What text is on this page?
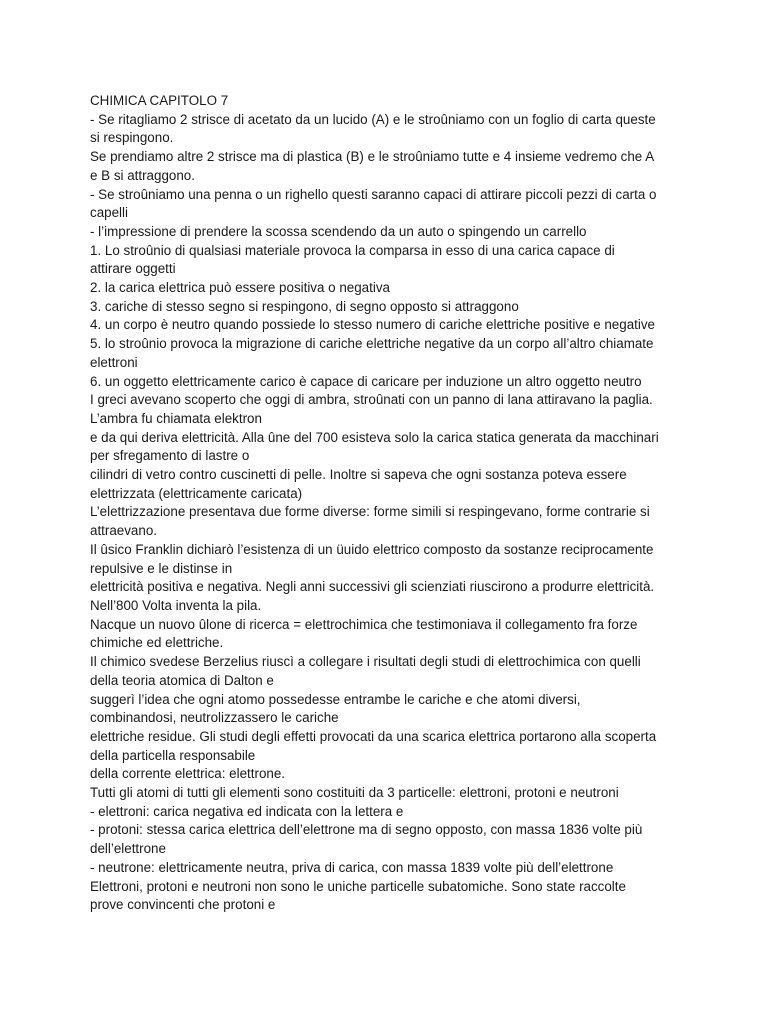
CHIMICA CAPITOLO 7
- Se ritagliamo 2 strisce di acetato da un lucido (A) e le stroûniamo con un foglio di carta queste
si respingono.
Se prendiamo altre 2 strisce ma di plastica (B) e le stroûniamo tutte e 4 insieme vedremo che A
e B si attraggono.
- Se stroûniamo una penna o un righello questi saranno capaci di attirare piccoli pezzi di carta o
capelli
- l’impressione di prendere la scossa scendendo da un auto o spingendo un carrello
1. Lo stroûnio di qualsiasi materiale provoca la comparsa in esso di una carica capace di
attirare oggetti
2. la carica elettrica può essere positiva o negativa
3. cariche di stesso segno si respingono, di segno opposto si attraggono
4. un corpo è neutro quando possiede lo stesso numero di cariche elettriche positive e negative
5. lo stroûnio provoca la migrazione di cariche elettriche negative da un corpo all’altro chiamate
elettroni
6. un oggetto elettricamente carico è capace di caricare per induzione un altro oggetto neutro
I greci avevano scoperto che oggi di ambra, stroûnati con un panno di lana attiravano la paglia.
L’ambra fu chiamata elektron
e da qui deriva elettricità. Alla ûne del 700 esisteva solo la carica statica generata da macchinari
per sfregamento di lastre o
cilindri di vetro contro cuscinetti di pelle. Inoltre si sapeva che ogni sostanza poteva essere
elettrizzata (elettricamente caricata)
L’elettrizzazione presentava due forme diverse: forme simili si respingevano, forme contrarie si
attraevano.
Il ûsico Franklin dichiarò l’esistenza di un üuido elettrico composto da sostanze reciprocamente
repulsive e le distinse in
elettricità positiva e negativa. Negli anni successivi gli scienziati riuscirono a produrre elettricità.
Nell’800 Volta inventa la pila.
Nacque un nuovo ûlone di ricerca = elettrochimica che testimoniava il collegamento fra forze
chimiche ed elettriche.
Il chimico svedese Berzelius riuscì a collegare i risultati degli studi di elettrochimica con quelli
della teoria atomica di Dalton e
suggerì l’idea che ogni atomo possedesse entrambe le cariche e che atomi diversi,
combinandosi, neutrolizzassero le cariche
elettriche residue. Gli studi degli effetti provocati da una scarica elettrica portarono alla scoperta
della particella responsabile
della corrente elettrica: elettrone.
Tutti gli atomi di tutti gli elementi sono costituiti da 3 particelle: elettroni, protoni e neutroni
- elettroni: carica negativa ed indicata con la lettera e
- protoni: stessa carica elettrica dell’elettrone ma di segno opposto, con massa 1836 volte più
dell’elettrone
- neutrone: elettricamente neutra, priva di carica, con massa 1839 volte più dell’elettrone
Elettroni, protoni e neutroni non sono le uniche particelle subatomiche. Sono state raccolte
prove convincenti che protoni e
